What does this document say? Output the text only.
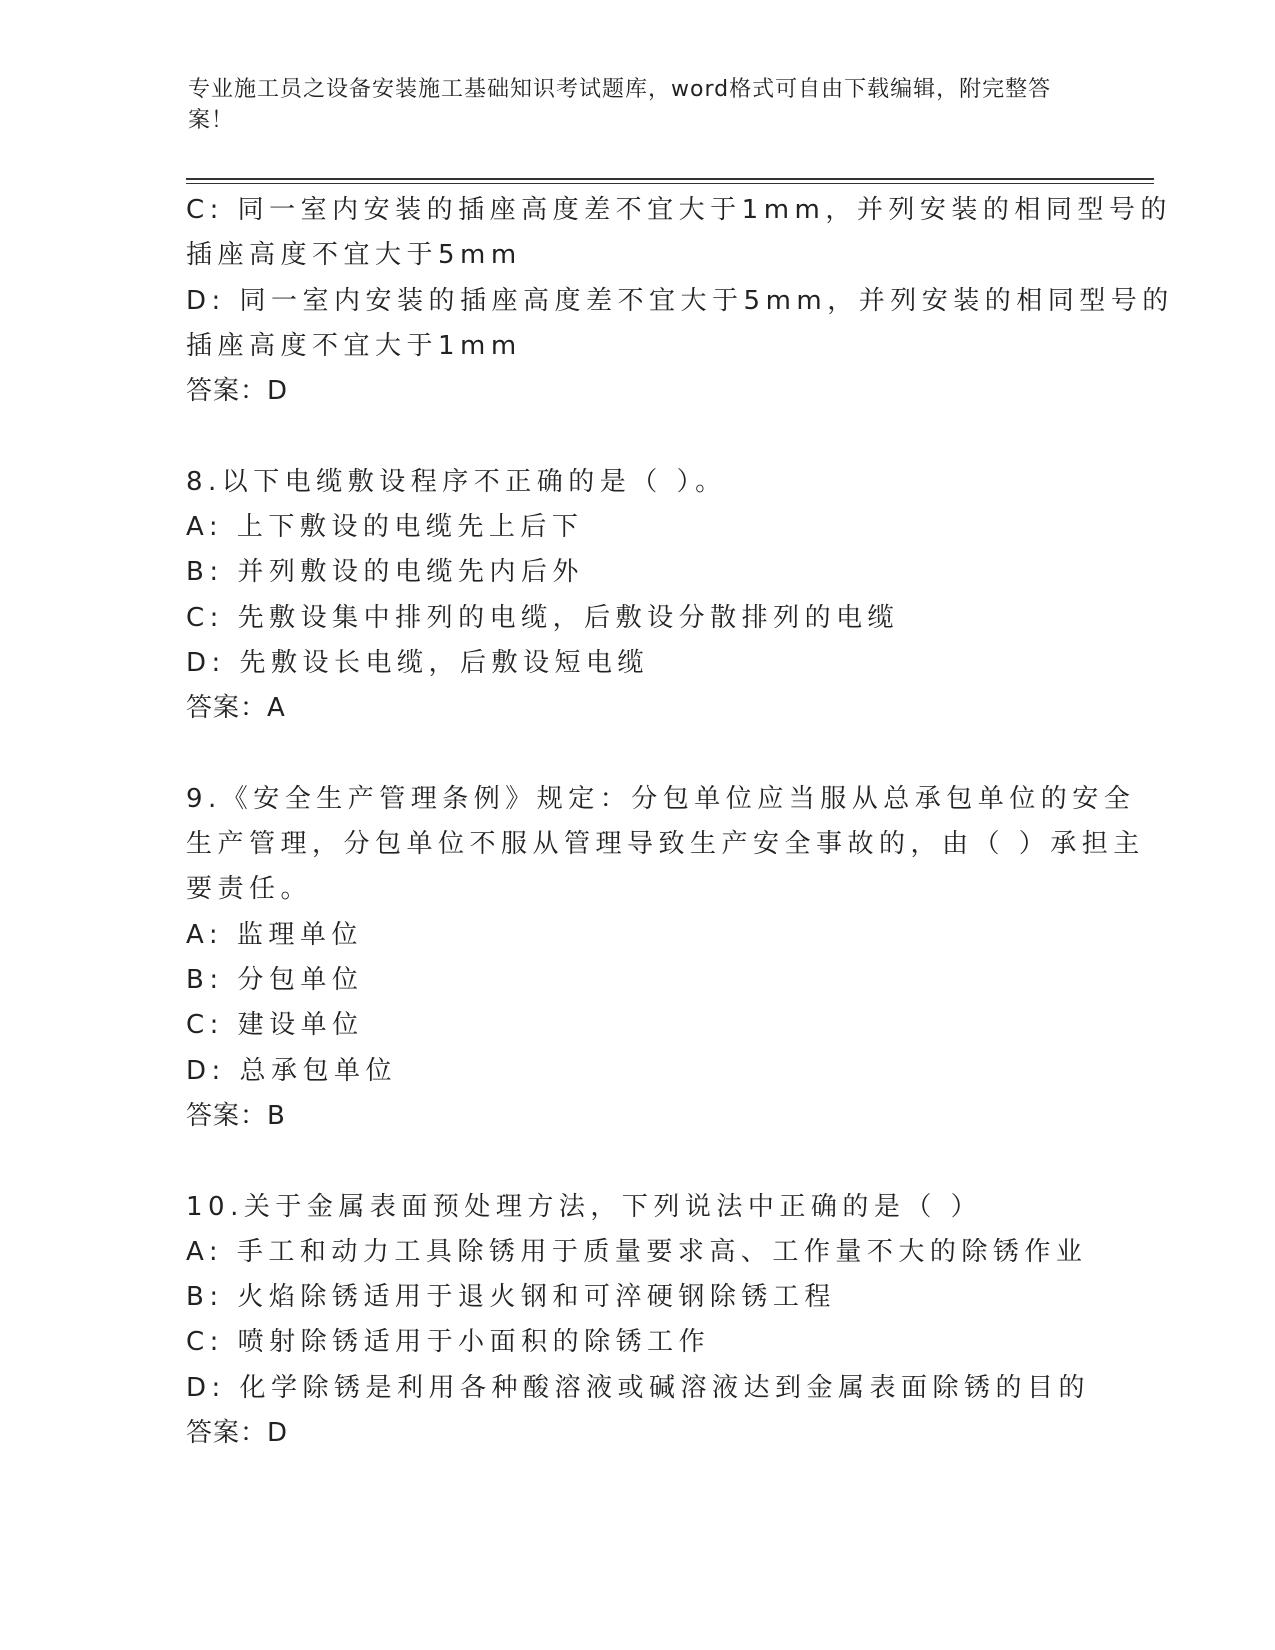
专业施工员之设备安装施工基础知识考试题库，word格式可自由下载编辑，附完整答案！
C: 同一室内安装的插座高度差不宜大于1mm，并列安装的相同型号的
插座高度不宜大于5mm
D: 同一室内安装的插座高度差不宜大于5mm，并列安装的相同型号的
插座高度不宜大于1mm
答案：D
8.以下电缆敷设程序不正确的是（ ）。
A: 上下敷设的电缆先上后下
B: 并列敷设的电缆先内后外
C: 先敷设集中排列的电缆，后敷设分散排列的电缆
D: 先敷设长电缆，后敷设短电缆
答案：A
9.《安全生产管理条例》规定：分包单位应当服从总承包单位的安全
生产管理，分包单位不服从管理导致生产安全事故的，由（ ）承担主
要责任。
A: 监理单位
B: 分包单位
C: 建设单位
D: 总承包单位
答案：B
10.关于金属表面预处理方法，下列说法中正确的是（ ）
A: 手工和动力工具除锈用于质量要求高、工作量不大的除锈作业
B: 火焰除锈适用于退火钢和可淬硬钢除锈工程
C: 喷射除锈适用于小面积的除锈工作
D: 化学除锈是利用各种酸溶液或碱溶液达到金属表面除锈的目的
答案：D
